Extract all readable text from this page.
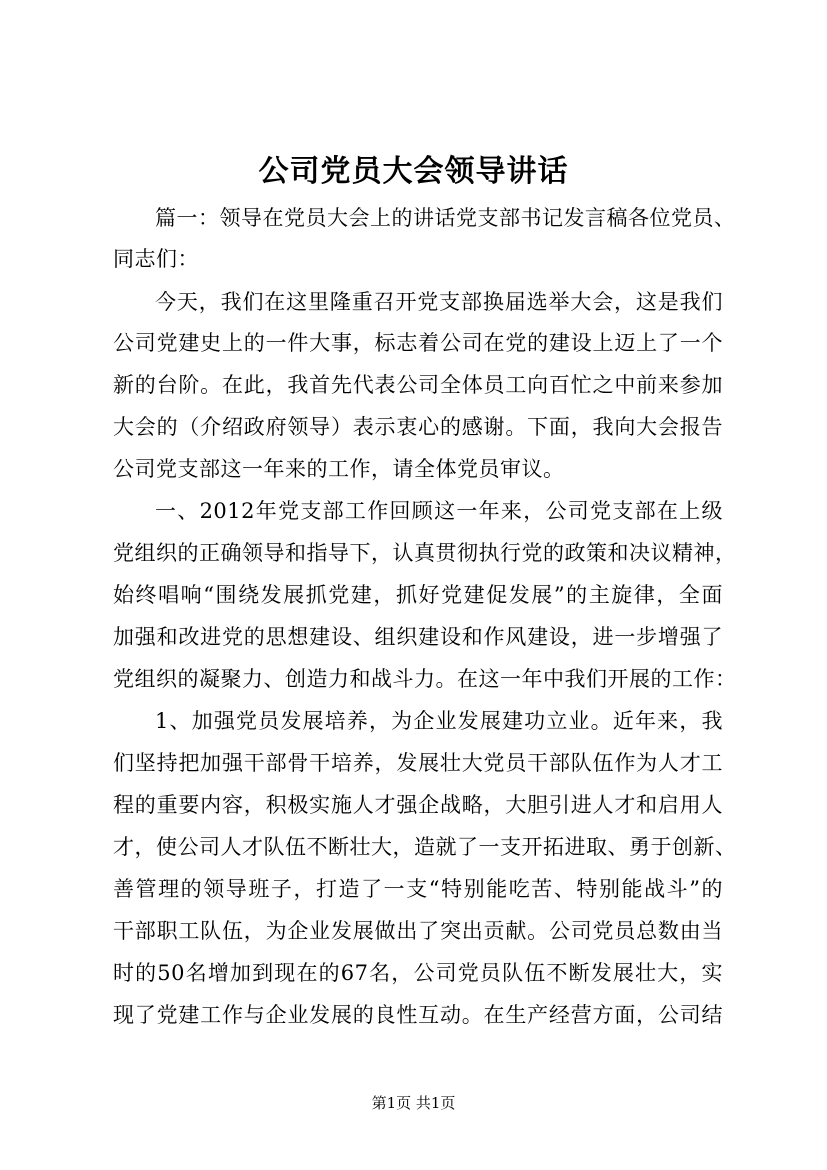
公司党员大会领导讲话
篇一：领导在党员大会上的讲话党支部书记发言稿各位党员、
同志们：
今天，我们在这里隆重召开党支部换届选举大会，这是我们
公司党建史上的一件大事，标志着公司在党的建设上迈上了一个
新的台阶。在此，我首先代表公司全体员工向百忙之中前来参加
大会的（介绍政府领导）表示衷心的感谢。下面，我向大会报告
公司党支部这一年来的工作，请全体党员审议。
一、2012年党支部工作回顾这一年来，公司党支部在上级
党组织的正确领导和指导下，认真贯彻执行党的政策和决议精神，
始终唱响“围绕发展抓党建，抓好党建促发展”的主旋律，全面
加强和改进党的思想建设、组织建设和作风建设，进一步增强了
党组织的凝聚力、创造力和战斗力。在这一年中我们开展的工作：
1、加强党员发展培养，为企业发展建功立业。近年来，我
们坚持把加强干部骨干培养，发展壮大党员干部队伍作为人才工
程的重要内容，积极实施人才强企战略，大胆引进人才和启用人
才，使公司人才队伍不断壮大，造就了一支开拓进取、勇于创新、
善管理的领导班子，打造了一支“特别能吃苦、特别能战斗”的
干部职工队伍，为企业发展做出了突出贡献。公司党员总数由当
时的50名增加到现在的67名，公司党员队伍不断发展壮大，实
现了党建工作与企业发展的良性互动。在生产经营方面，公司结
第1页 共1页
